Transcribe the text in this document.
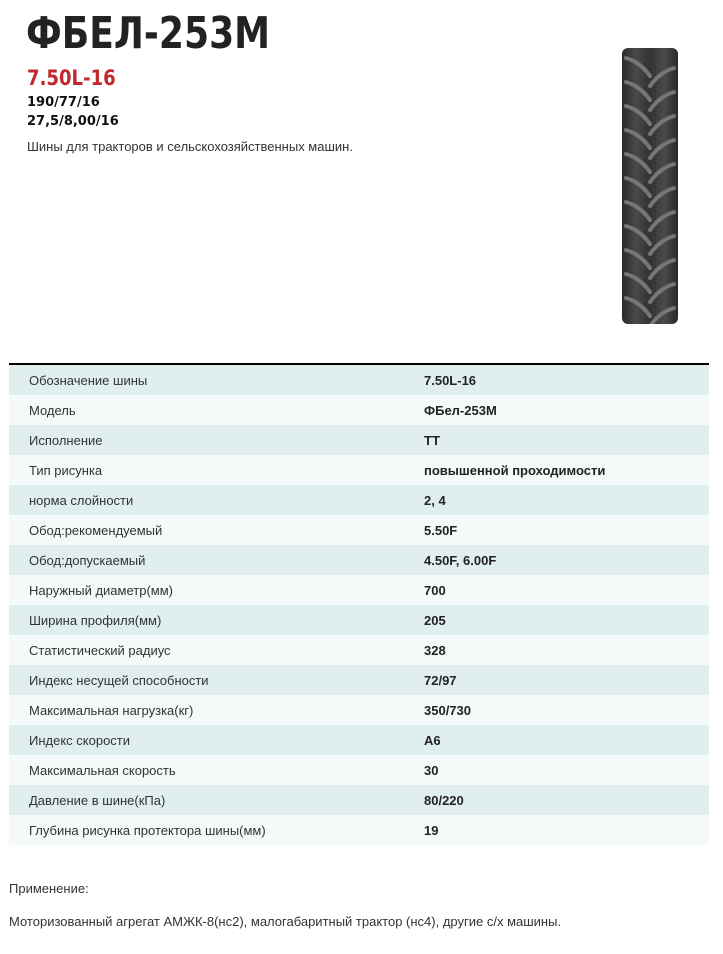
ФБЕЛ-253М
7.50L-16
190/77/16
27,5/8,00/16
Шины для тракторов и сельскохозяйственных машин.
Обозначение шины	7.50L-16
Модель	ФБел-253М
Исполнение	TT
Тип рисунка	повышенной проходимости
норма слойности	2, 4
Обод:рекомендуемый	5.50F
Обод:допускаемый	4.50F, 6.00F
Наружный диаметр(мм)	700
Ширина профиля(мм)	205
Статистический радиус	328
Индекс несущей способности	72/97
Максимальная нагрузка(кг)	350/730
Индекс скорости	A6
Максимальная скорость	30
Давление в шине(кПа)	80/220
Глубина рисунка протектора шины(мм)	19
Применение:
Моторизованный агрегат АМЖК-8(нс2), малогабаритный трактор (нс4), другие с/х машины.
